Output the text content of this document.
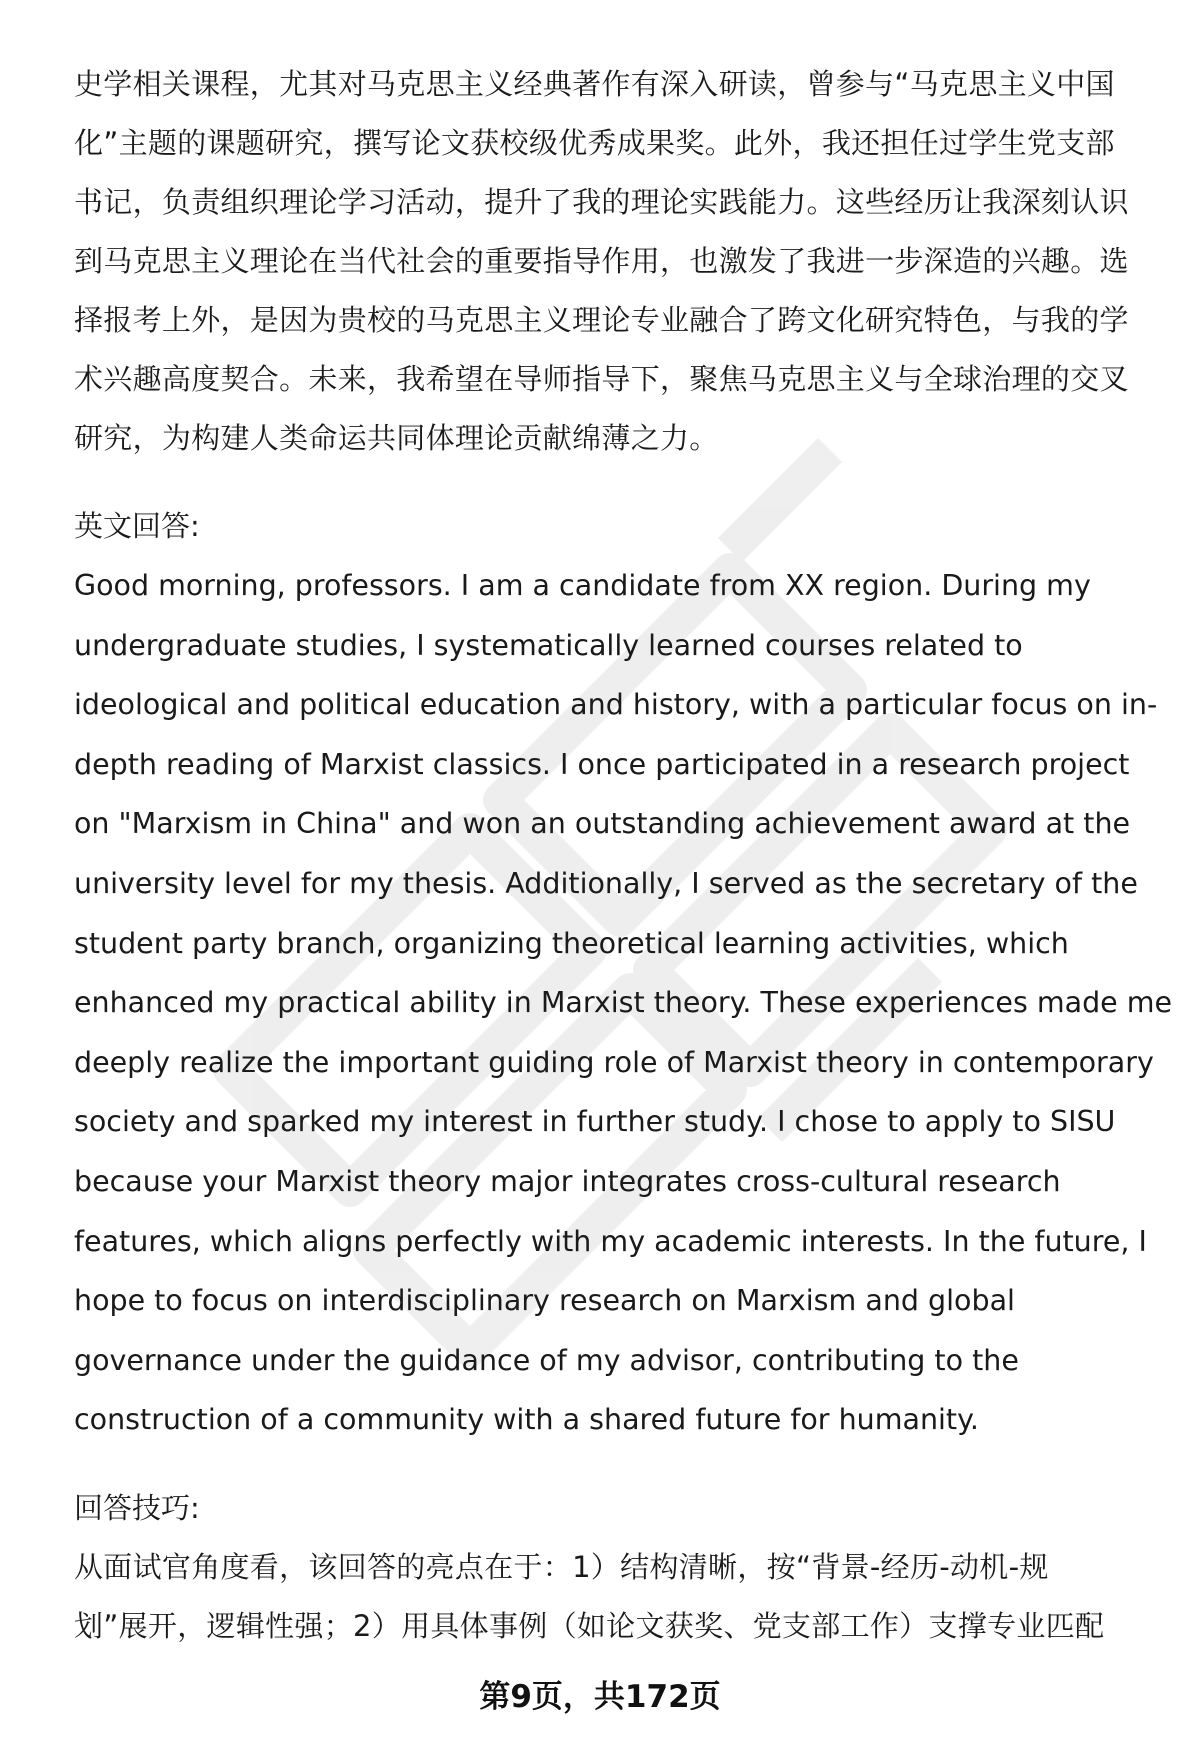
史学相关课程，尤其对马克思主义经典著作有深入研读，曾参与“马克思主义中国
化”主题的课题研究，撰写论文获校级优秀成果奖。此外，我还担任过学生党支部
书记，负责组织理论学习活动，提升了我的理论实践能力。这些经历让我深刻认识
到马克思主义理论在当代社会的重要指导作用，也激发了我进一步深造的兴趣。选
择报考上外，是因为贵校的马克思主义理论专业融合了跨文化研究特色，与我的学
术兴趣高度契合。未来，我希望在导师指导下，聚焦马克思主义与全球治理的交叉
研究，为构建人类命运共同体理论贡献绵薄之力。
英文回答:
Good morning, professors. I am a candidate from XX region. During my
undergraduate studies, I systematically learned courses related to
ideological and political education and history, with a particular focus on in-
depth reading of Marxist classics. I once participated in a research project
on "Marxism in China" and won an outstanding achievement award at the
university level for my thesis. Additionally, I served as the secretary of the
student party branch, organizing theoretical learning activities, which
enhanced my practical ability in Marxist theory. These experiences made me
deeply realize the important guiding role of Marxist theory in contemporary
society and sparked my interest in further study. I chose to apply to SISU
because your Marxist theory major integrates cross-cultural research
features, which aligns perfectly with my academic interests. In the future, I
hope to focus on interdisciplinary research on Marxism and global
governance under the guidance of my advisor, contributing to the
construction of a community with a shared future for humanity.
回答技巧:
从面试官角度看，该回答的亮点在于：1）结构清晰，按“背景-经历-动机-规
划”展开，逻辑性强；2）用具体事例（如论文获奖、党支部工作）支撑专业匹配
第9页，共172页
